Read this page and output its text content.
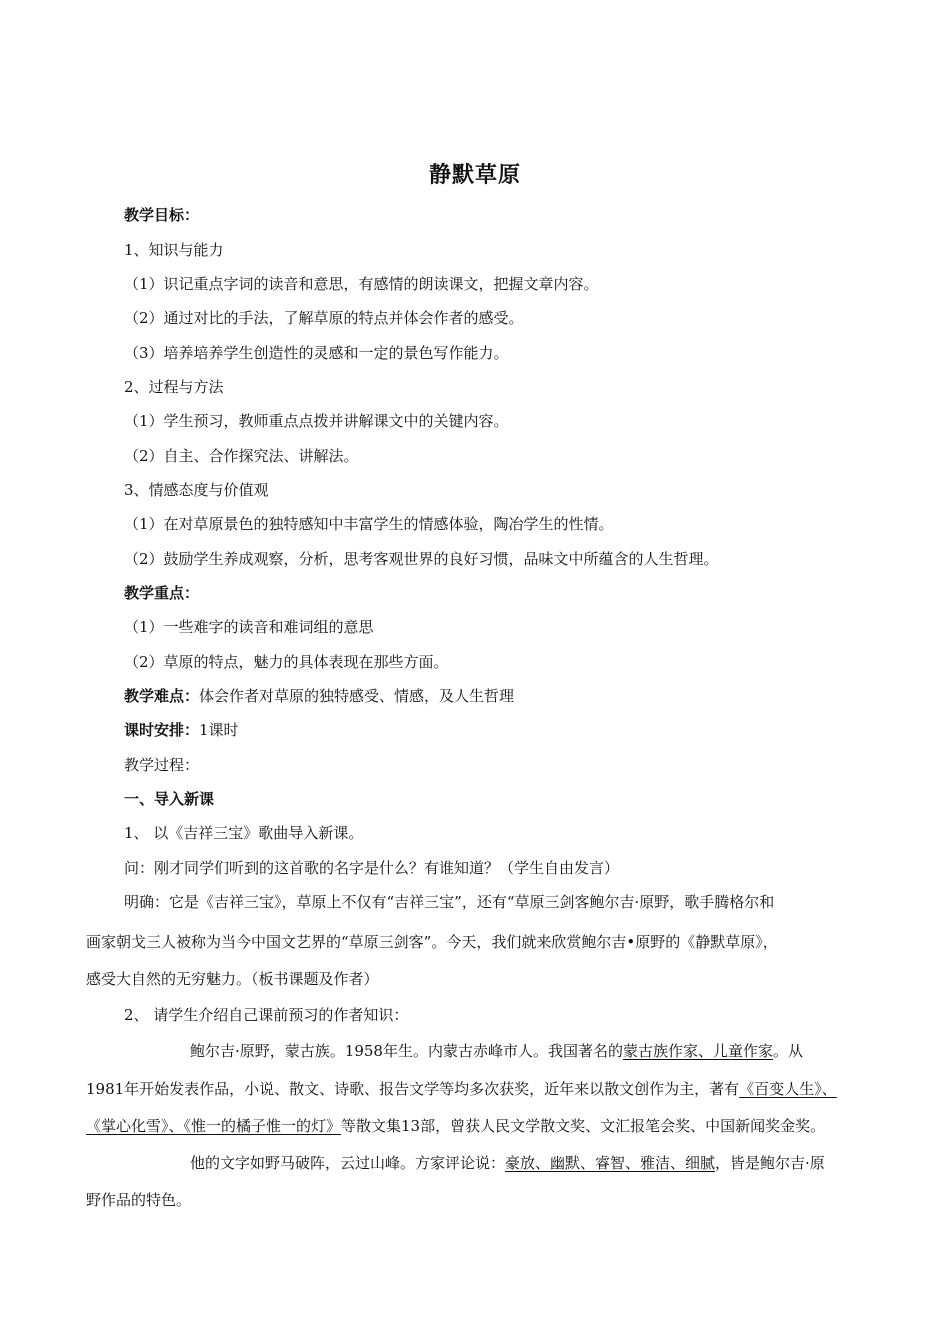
静默草原
教学目标：
1、知识与能力
（1）识记重点字词的读音和意思，有感情的朗读课文，把握文章内容。
（2）通过对比的手法，了解草原的特点并体会作者的感受。
（3）培养培养学生创造性的灵感和一定的景色写作能力。
2、过程与方法
（1）学生预习，教师重点点拨并讲解课文中的关键内容。
（2）自主、合作探究法、讲解法。
3、情感态度与价值观
（1）在对草原景色的独特感知中丰富学生的情感体验，陶冶学生的性情。
（2）鼓励学生养成观察，分析，思考客观世界的良好习惯，品味文中所蕴含的人生哲理。
教学重点：
（1）一些难字的读音和难词组的意思
（2）草原的特点，魅力的具体表现在那些方面。
教学难点：体会作者对草原的独特感受、情感，及人生哲理
课时安排：1课时
教学过程：
一、导入新课
1、 以《吉祥三宝》歌曲导入新课。
问：刚才同学们听到的这首歌的名字是什么？有谁知道？（学生自由发言）
明确：它是《吉祥三宝》，草原上不仅有“吉祥三宝”，还有“草原三剑客鲍尔吉·原野，歌手腾格尔和
画家朝戈三人被称为当今中国文艺界的“草原三剑客”。今天，我们就来欣赏鲍尔吉•原野的《静默草原》，
感受大自然的无穷魅力。（板书课题及作者）
2、 请学生介绍自己课前预习的作者知识：
鲍尔吉·原野，蒙古族。1958年生。内蒙古赤峰市人。我国著名的蒙古族作家、儿童作家。从
1981年开始发表作品，小说、散文、诗歌、报告文学等均多次获奖，近年来以散文创作为主，著有《百变人生》、
《掌心化雪》、《惟一的橘子惟一的灯》等散文集13部，曾获人民文学散文奖、文汇报笔会奖、中国新闻奖金奖。
他的文字如野马破阵，云过山峰。方家评论说：豪放、幽默、睿智、雅洁、细腻，皆是鲍尔吉·原
野作品的特色。
